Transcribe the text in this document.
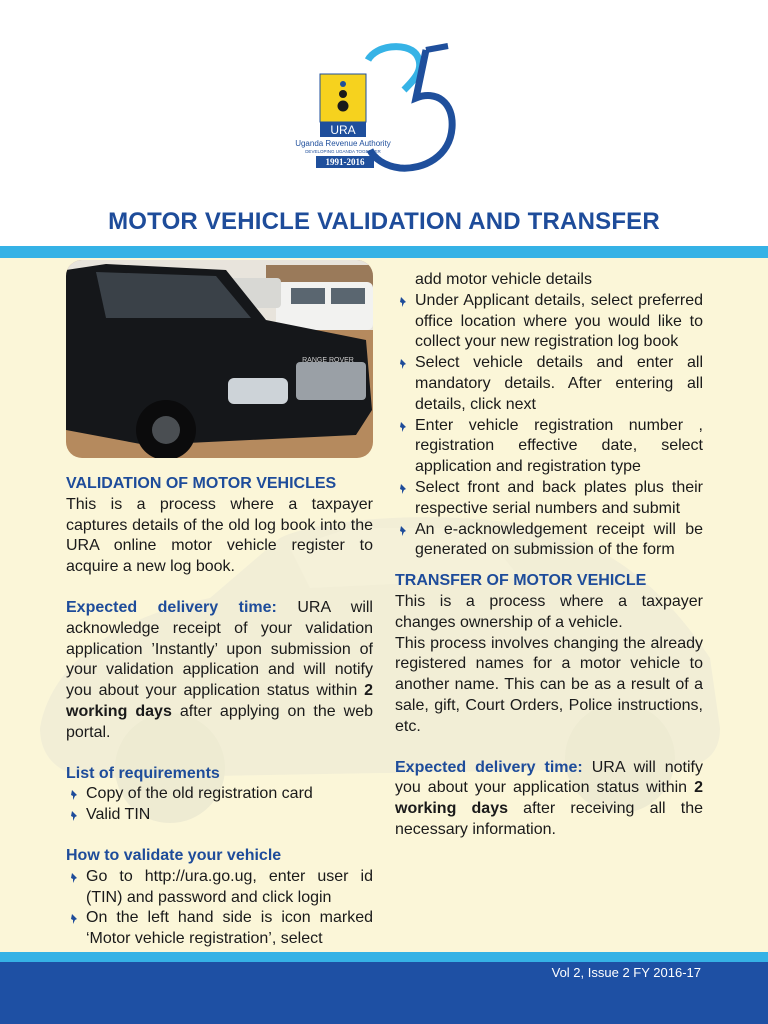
URA
Uganda Revenue Authority
DEVELOPING UGANDA TOGETHER
1991-2016
MOTOR VEHICLE VALIDATION AND TRANSFER
RANGE ROVER
VALIDATION OF MOTOR VEHICLES

This is a process where a taxpayer captures details of the old log book into the URA online motor vehicle register to acquire a new log book.

Expected delivery time: URA will acknowledge receipt of your validation application ’Instantly’ upon submission of your validation application and will notify you about your application status within 2 working days after applying on the web portal.

List of requirements
Copy of the old registration card
Valid TIN
How to validate your vehicle
Go to http://ura.go.ug, enter user id (TIN) and password and click login
On the left hand side is icon marked ‘Motor vehicle registration’, select

add motor vehicle details

Under Applicant details, select preferred office location where you would like to collect your new registration log book
Select vehicle details and enter all mandatory details. After entering all details, click next
Enter vehicle registration number , registration effective date, select application and registration type
Select front and back plates plus their respective serial numbers and submit
An e-acknowledgement receipt will be generated on submission of the form
TRANSFER OF MOTOR VEHICLE

This is a process where a taxpayer changes ownership of a vehicle.

This process involves changing the already registered names for a motor vehicle to another name. This can be as a result of a sale, gift, Court Orders, Police instructions, etc.

Expected delivery time: URA will notify you about your application status within 2 working days after receiving all the necessary information.

Vol 2, Issue 2 FY 2016-17
